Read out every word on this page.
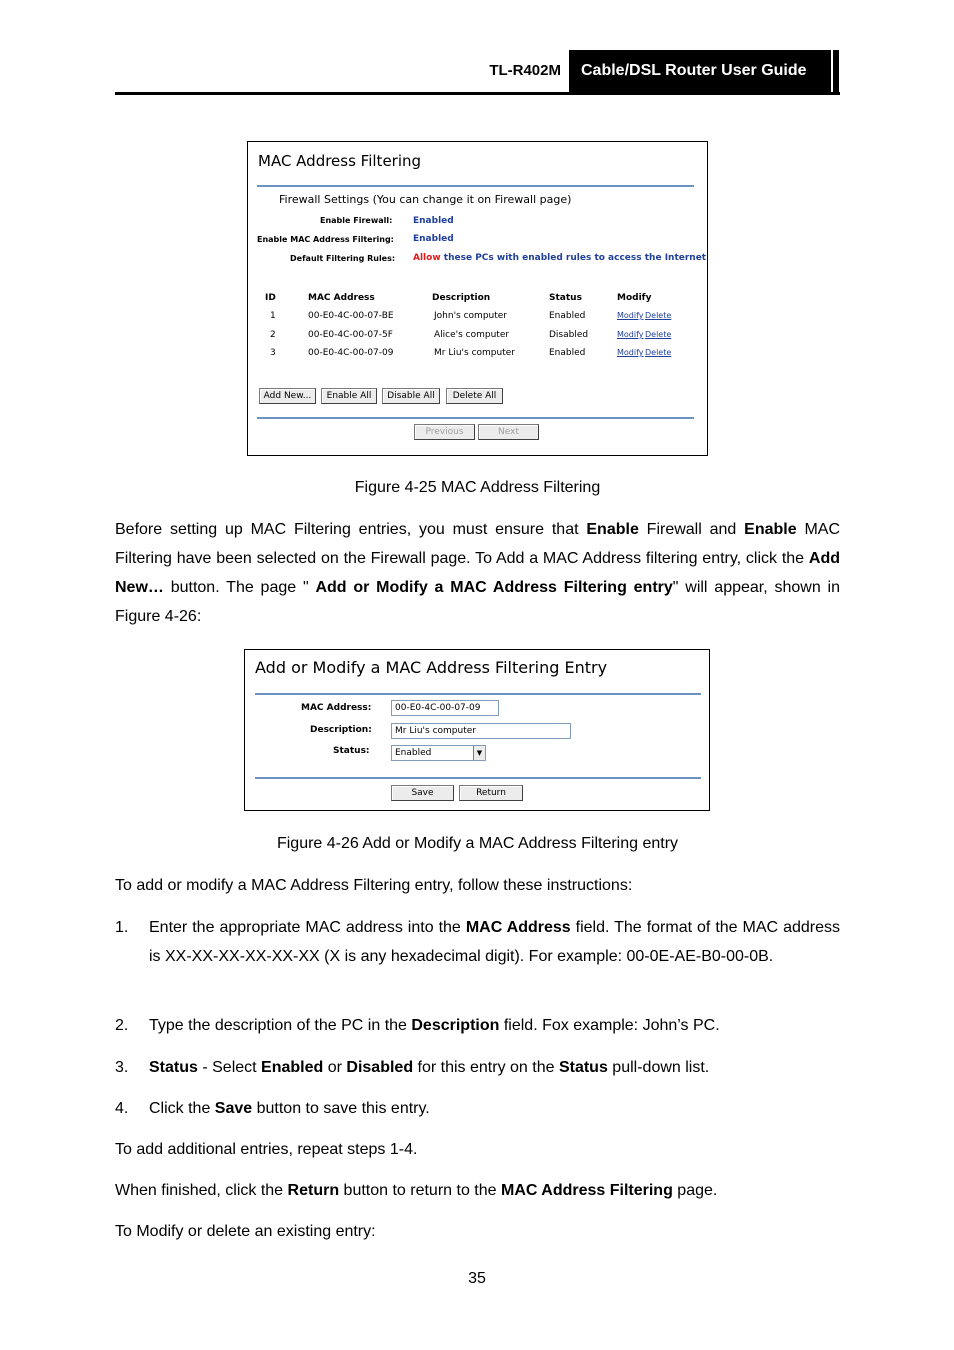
TL-R402M	Cable/DSL Router User Guide
MAC Address Filtering
Firewall Settings (You can change it on Firewall page)
Enable Firewall: Enabled
Enable MAC Address Filtering: Enabled
Default Filtering Rules: Allow these PCs with enabled rules to access the Internet
ID	MAC Address	Description	Status	Modify
1	00-E0-4C-00-07-BE	John's computer	Enabled	Modify Delete
2	00-E0-4C-00-07-5F	Alice's computer	Disabled	Modify Delete
3	00-E0-4C-00-07-09	Mr Liu's computer	Enabled	Modify Delete
Add New...	Enable All	Disable All	Delete All
Previous	Next
Figure 4-25 MAC Address Filtering
Before setting up MAC Filtering entries, you must ensure that Enable Firewall and Enable MAC Filtering have been selected on the Firewall page. To Add a MAC Address filtering entry, click the Add New… button. The page " Add or Modify a MAC Address Filtering entry" will appear, shown in Figure 4-26:
Add or Modify a MAC Address Filtering Entry
MAC Address:	00-E0-4C-00-07-09
Description:	Mr Liu's computer
Status:	Enabled	▼
Save	Return
Figure 4-26 Add or Modify a MAC Address Filtering entry
To add or modify a MAC Address Filtering entry, follow these instructions:
1. Enter the appropriate MAC address into the MAC Address field. The format of the MAC address is XX-XX-XX-XX-XX-XX (X is any hexadecimal digit). For example: 00-0E-AE-B0-00-0B.
2. Type the description of the PC in the Description field. Fox example: John’s PC.
3. Status - Select Enabled or Disabled for this entry on the Status pull-down list.
4. Click the Save button to save this entry.
To add additional entries, repeat steps 1-4.
When finished, click the Return button to return to the MAC Address Filtering page.
To Modify or delete an existing entry:
35
